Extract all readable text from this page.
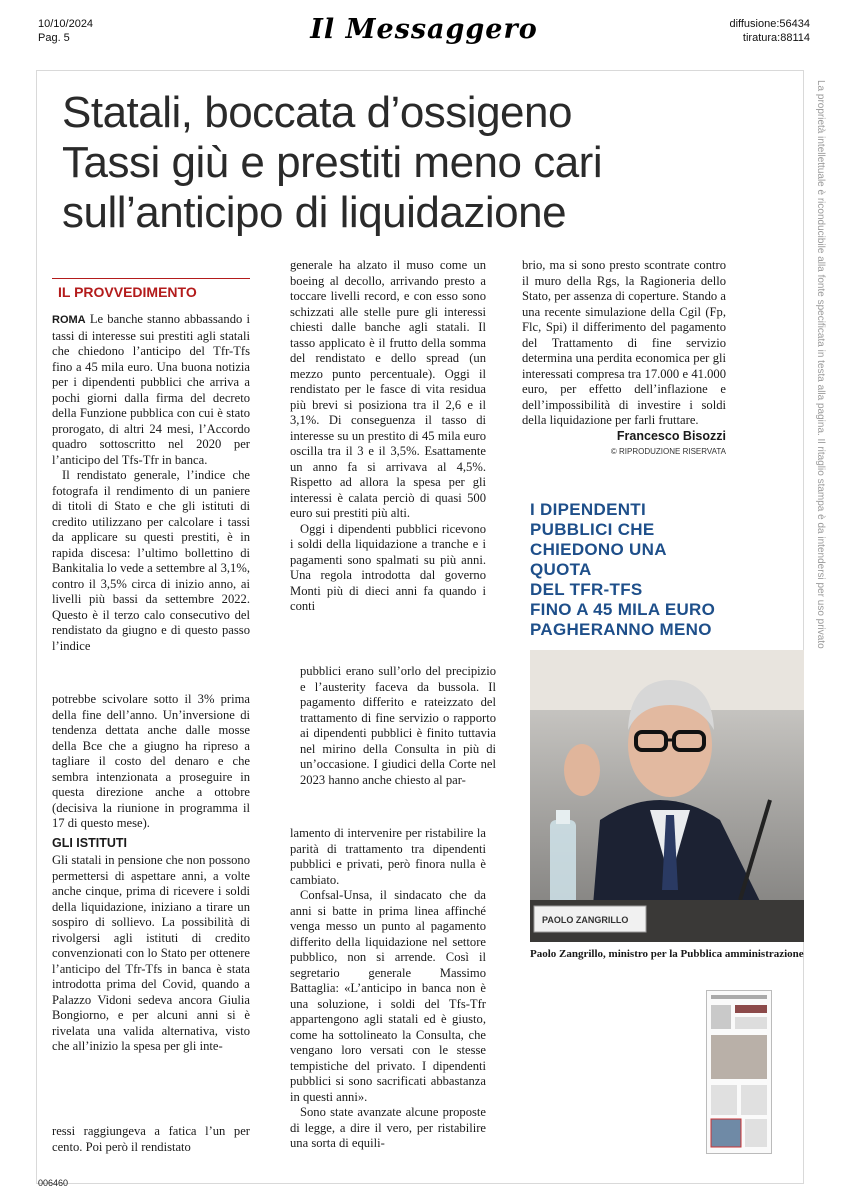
10/10/2024
Pag. 5	Il Messaggero	diffusione:56434
tiratura:88114
La proprietà intellettuale è riconducibile alla fonte specificata in testa alla pagina. Il ritaglio stampa è da intendersi per uso privato
Statali, boccata d’ossigeno
Tassi giù e prestiti meno cari
sull’anticipo di liquidazione
IL PROVVEDIMENTO

ROMA Le banche stanno abbassando i tassi di interesse sui prestiti agli statali che chiedono l’anticipo del Tfr-Tfs fino a 45 mila euro. Una buona notizia per i dipendenti pubblici che arriva a pochi giorni dalla firma del decreto della Funzione pubblica con cui è stato prorogato, di altri 24 mesi, l’Accordo quadro sottoscritto nel 2020 per l’anticipo del Tfs-Tfr in banca.

Il rendistato generale, l’indice che fotografa il rendimento di un paniere di titoli di Stato e che gli istituti di credito utilizzano per calcolare i tassi da applicare su questi prestiti, è in rapida discesa: l’ultimo bollettino di Bankitalia lo vede a settembre al 3,1%, contro il 3,5% circa di inizio anno, ai livelli più bassi da settembre 2022. Questo è il terzo calo consecutivo del rendistato da giugno e di questo passo l’indice

generale ha alzato il muso come un boeing al decollo, arrivando presto a toccare livelli record, e con esso sono schizzati alle stelle pure gli interessi chiesti dalle banche agli statali. Il tasso applicato è il frutto della somma del rendistato e dello spread (un mezzo punto percentuale). Oggi il rendistato per le fasce di vita residua più brevi si posiziona tra il 2,6 e il 3,1%. Di conseguenza il tasso di interesse su un prestito di 45 mila euro oscilla tra il 3 e il 3,5%. Esattamente un anno fa si arrivava al 4,5%. Rispetto ad allora la spesa per gli interessi è calata perciò di quasi 500 euro sui prestiti più alti.

Oggi i dipendenti pubblici ricevono i soldi della liquidazione a tranche e i pagamenti sono spalmati su più anni. Una regola introdotta dal governo Monti più di dieci anni fa quando i conti

brio, ma si sono presto scontrate contro il muro della Rgs, la Ragioneria dello Stato, per assenza di coperture. Stando a una recente simulazione della Cgil (Fp, Flc, Spi) il differimento del pagamento del Trattamento di fine servizio determina una perdita economica per gli interessati compresa tra 17.000 e 41.000 euro, per effetto dell’inflazione e dell’impossibilità di investire i soldi della liquidazione per farli fruttare.

Francesco Bisozzi
© RIPRODUZIONE RISERVATA
I DIPENDENTI
PUBBLICI CHE
CHIEDONO UNA QUOTA
DEL TFR-TFS
FINO A 45 MILA EURO
PAGHERANNO MENO

potrebbe scivolare sotto il 3% prima della fine dell’anno. Un’inversione di tendenza dettata anche dalle mosse della Bce che a giugno ha ripreso a tagliare il costo del denaro e che sembra intenzionata a proseguire in questa direzione anche a ottobre (decisiva la riunione in programma il 17 di questo mese).

GLI ISTITUTI

Gli statali in pensione che non possono permettersi di aspettare anni, a volte anche cinque, prima di ricevere i soldi della liquidazione, iniziano a tirare un sospiro di sollievo. La possibilità di rivolgersi agli istituti di credito convenzionati con lo Stato per ottenere l’anticipo del Tfr-Tfs in banca è stata introdotta prima del Covid, quando a Palazzo Vidoni sedeva ancora Giulia Bongiorno, e per alcuni anni si è rivelata una valida alternativa, visto che all’inizio la spesa per gli inte-

ressi raggiungeva a fatica l’un per cento. Poi però il rendistato

pubblici erano sull’orlo del precipizio e l’austerity faceva da bussola. Il pagamento differito e rateizzato del trattamento di fine servizio o rapporto ai dipendenti pubblici è finito tuttavia nel mirino della Consulta in più di un’occasione. I giudici della Corte nel 2023 hanno anche chiesto al par-

lamento di intervenire per ristabilire la parità di trattamento tra dipendenti pubblici e privati, però finora nulla è cambiato.

Confsal-Unsa, il sindacato che da anni si batte in prima linea affinché venga messo un punto al pagamento differito della liquidazione nel settore pubblico, non si arrende. Così il segretario generale Massimo Battaglia: «L’anticipo in banca non è una soluzione, i soldi del Tfs-Tfr appartengono agli statali ed è giusto, come ha sottolineato la Consulta, che vengano loro versati con le stesse tempistiche del privato. I dipendenti pubblici si sono sacrificati abbastanza in questi anni».

Sono state avanzate alcune proposte di legge, a dire il vero, per ristabilire una sorta di equili-

PAOLO ZANGRILLO
Paolo Zangrillo, ministro per la Pubblica amministrazione
006460
